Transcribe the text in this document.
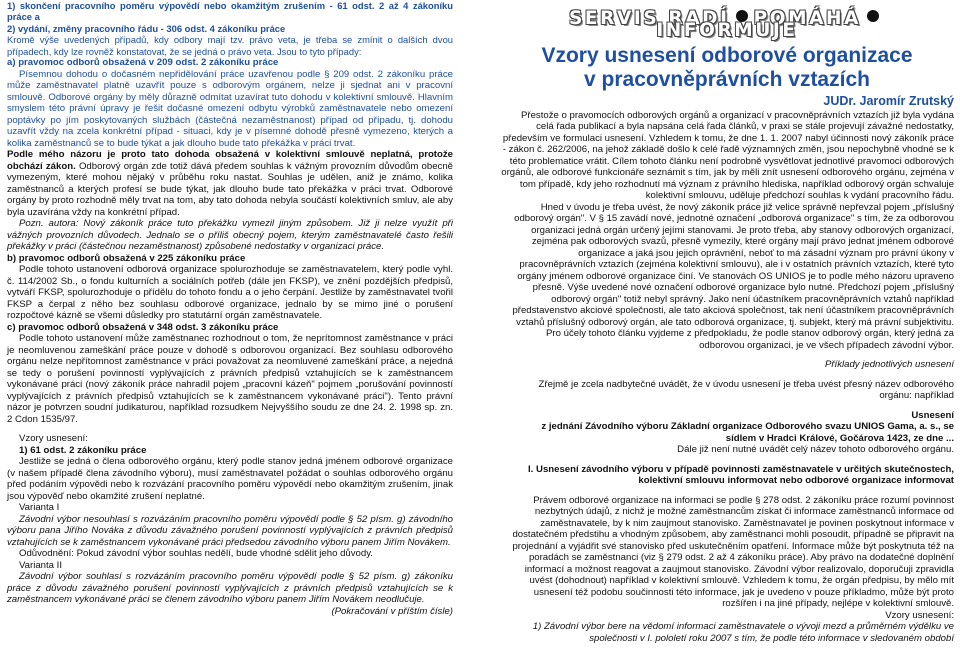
1) skončení pracovního poměru výpovědí nebo okamžitým zrušením - 61 odst. 2 až 4 zákoníku práce a
2) vydání, změny pracovního řádu - 306 odst. 4 zákoníku práce
Kromě výše uvedených případů, kdy odbory mají tzv. právo veta, je třeba se zmínit o dalších dvou případech, kdy lze rovněž konstatovat, že se jedná o právo veta. Jsou to tyto případy:
a) pravomoc odborů obsažená v 209 odst. 2 zákoníku práce
Písemnou dohodu o dočasném nepřidělování práce uzavřenou podle § 209 odst. 2 zákoníku práce může zaměstnavatel platně uzavřít pouze s odborovým orgánem, nelze ji sjednat ani v pracovní smlouvě. Odborové orgány by měly důrazně odmítat uzavírat tuto dohodu v kolektivní smlouvě. Hlavním smyslem této právní úpravy je řešit dočasné omezení odbytu výrobků zaměstnavatele nebo omezení poptávky po jím poskytovaných službách (částečná nezaměstnanost) případ od případu, tj. dohodu uzavřít vždy na zcela konkrétní případ - situaci, kdy je v písemné dohodě přesně vymezeno, kterých a kolika zaměstnanců se to bude týkat a jak dlouho bude tato překážka v práci trvat.
Podle mého názoru je proto tato dohoda obsažená v kolektivní smlouvě neplatná, protože obchází zákon. Odborový orgán zde totiž dává předem souhlas k vážným provozním důvodům obecně vymezeným, které mohou nějaký v průběhu roku nastat. Souhlas je udělen, aniž je známo, kolika zaměstnanců a kterých profesí se bude týkat, jak dlouho bude tato překážka v práci trvat. Odborové orgány by proto rozhodně měly trvat na tom, aby tato dohoda nebyla součástí kolektivních smluv, ale aby byla uzavírána vždy na konkrétní případ.
Pozn. autora: Nový zákoník práce tuto překážku vymezil jiným způsobem. Již ji nelze využít při vážných provozních důvodech. Jednalo se o příliš obecný pojem, kterým zaměstnavatelé často řešili překážky v práci (částečnou nezaměstnanost) způsobené nedostatky v organizaci práce.
b) pravomoc odborů obsažená v 225 zákoníku práce
Podle tohoto ustanovení odborová organizace spolurozhoduje se zaměstnavatelem, který podle vyhl. č. 114/2002 Sb., o fondu kulturních a sociálních potřeb (dále jen FKSP), ve znění pozdějších předpisů, vytváří FKSP, spolurozhoduje o přídělu do tohoto fondu a o jeho čerpání. Jestliže by zaměstnavatel tvořil FKSP a čerpal z něho bez souhlasu odborové organizace, jednalo by se mimo jiné o porušení rozpočtové kázně se všemi důsledky pro statutární orgán zaměstnavatele.
c) pravomoc odborů obsažená v 348 odst. 3 zákoníku práce
Podle tohoto ustanovení může zaměstnanec rozhodnout o tom, že neprítomnost zaměstnance v práci je neomluvenou zameškání práce pouze v dohodě s odborovou organizací. Bez souhlasu odborového orgánu nelze nepřítomnost zaměstnance v práci považovat za neomluvené zameškání práce, a nejedná se tedy o porušení povinností vyplývajících z právních předpisů vztahujících se k zaměstnancem vykonávané práci (nový zákoník práce nahradil pojem „pracovní kázeň" pojmem „porušování povinností vyplývajících z právních předpisů vztahujících se k zaměstnancem vykonávané práci"). Tento právní názor je potvrzen soudní judikaturou, například rozsudkem Nejvyššího soudu ze dne 24. 2. 1998 sp. zn. 2 Cdon 1535/97.
Vzory usnesení:
1) 61 odst. 2 zákoníku práce
Jestliže se jedná o člena odborového orgánu, který podle stanov jedná jménem odborové organizace (v našem případě člena závodního výboru), musí zaměstnavatel požádat o souhlas odborového orgánu před podáním výpovědi nebo k rozvázání pracovního poměru výpovědí nebo okamžitým zrušením, jinak jsou výpověď nebo okamžité zrušení neplatné.
Varianta I
Závodní výbor nesouhlasí s rozvázáním pracovního poměru výpovědí podle § 52 písm. g) závodního výboru pana Jiřího Nováka z důvodu závažného porušení povinností vyplývajících z právních předpisů vztahujících se k zaměstnancem vykonávané práci předsedou závodního výboru panem Jiřím Novákem.
Odůvodnění: Pokud závodní výbor souhlas nedělí, bude vhodné sdělit jeho důvody.
Varianta II
Závodní výbor souhlasí s rozvázáním pracovního poměru výpovědí podle § 52 písm. g) zákoníku práce z důvodu závažného porušení povinností vyplývajících z právních předpisů vztahujících se k zaměstnancem vykonávané práci se členem závodního výboru panem Jiřím Novákem neodlučuje.
(Pokračování v příštím čísle)
SERVIS RADÍ POMÁHÁINFORMUJE
Vzory usnesení odborové organizace
v pracovněprávních vztazích
JUDr. Jaromír Zrutský
Přestože o pravomocích odborových orgánů a organizací v pracovněprávních vztazích již byla vydána celá řada publikací a byla napsána celá řada článků, v praxi se stále projevují závažné nedostatky, především ve formulaci usnesení. Vzhledem k tomu, že dne 1. 1. 2007 nabyl účinnosti nový zákoník práce - zákon č. 262/2006, na jehož základě došlo k celé řadě významných změn, jsou nepochybně vhodné se k této problematice vrátit. Cílem tohoto článku není podrobně vysvětlovat jednotlivé pravomoci odborových orgánů, ale odborové funkcionáře seznámit s tím, jak by měli znít usnesení odborového orgánu, zejména v tom případě, kdy jeho rozhodnutí má význam z právního hlediska, například odborový orgán schvaluje kolektivní smlouvu, uděluje předchozí souhlas k vydání pracovního řádu.
Hned v úvodu je třeba uvést, že nový zákoník práce již velice správně nepřevzal pojem „příslušný odborový orgán". V § 15 zavádí nové, jednotné označení „odborová organizace" s tím, že za odborovou organizaci jedná orgán určený jejími stanovami. Je proto třeba, aby stanovy odborových organizací, zejména pak odborových svazů, přesně vymezily, které orgány mají právo jednat jménem odborové organizace a jaká jsou jejich oprávnění, neboť to má zásadní význam pro právní úkony v pracovněprávních vztazích (zejména kolektivní smlouvu), ale i v ostatních právních vztazích, které tyto orgány jménem odborové organizace činí. Ve stanovách OS UNIOS je to podle mého názoru upraveno přesně. Výše uvedené nové označení odborové organizace bylo nutné. Předchozí pojem „příslušný odborový orgán" totiž nebyl správný. Jako není účastníkem pracovněprávních vztahů například představenstvo akciové společnosti, ale tato akciová společnost, tak není účastníkem pracovněprávních vztahů příslušný odborový orgán, ale tato odborová organizace, tj. subjekt, který má právní subjektivitu.
Pro účely tohoto článku vyjdeme z předpokladu, že podle stanov odborový orgán, který jedná za odborovou organizaci, je ve všech případech závodní výbor.
Příklady jednotlivých usnesení
Zřejmě je zcela nadbytečné uvádět, že v úvodu usnesení je třeba uvést přesný název odborového orgánu: například
Usnesení
z jednání Závodního výboru Základní organizace Odborového svazu UNIOS Gama, a. s., se sídlem v Hradci Králové, Gočárova 1423, ze dne ...
Dále již není nutné uvádět celý název tohoto odborového orgánu.
I. Usnesení závodního výboru v případě povinnosti zaměstnavatele v určitých skutečnostech, kolektivní smlouvu informovat nebo odborové organizace informovat
Právem odborové organizace na informaci se podle § 278 odst. 2 zákoníku práce rozumí povinnost nezbytných údajů, z nichž je možné zaměstnancům získat či informace zaměstnanců informace od zaměstnavatele, by k nim zaujmout stanovisko. Zaměstnavatel je povinen poskytnout informace v dostatečném předstihu a vhodným způsobem, aby zaměstnanci mohli posoudit, případně se připravit na projednání a vyjádřit své stanovisko před uskutečněním opatření. Informace může být poskytnuta též na poradách se zaměstnanci (viz § 279 odst. 2 až 4 zákoníku práce). Aby právo na dodatečné doplnění informací a možnost reagovat a zaujmout stanovisko. Závodní výbor realizovalo, doporučuji zpravidla uvést (dohodnout) například v kolektivní smlouvě. Vzhledem k tomu, že orgán předpisu, by mělo mít usnesení též podobu součinnosti této informace, jak je uvedeno v pouze příkladmo, může být proto rozšířen i na jiné případy, nejlépe v kolektivní smlouvě.
Vzory usnesení:
1) Závodní výbor bere na vědomí informaci zaměstnavatele o vývoji mezd a průměrném výdělku ve společnosti v I. pololetí roku 2007 s tím, že podle této informace v sledovaném období
